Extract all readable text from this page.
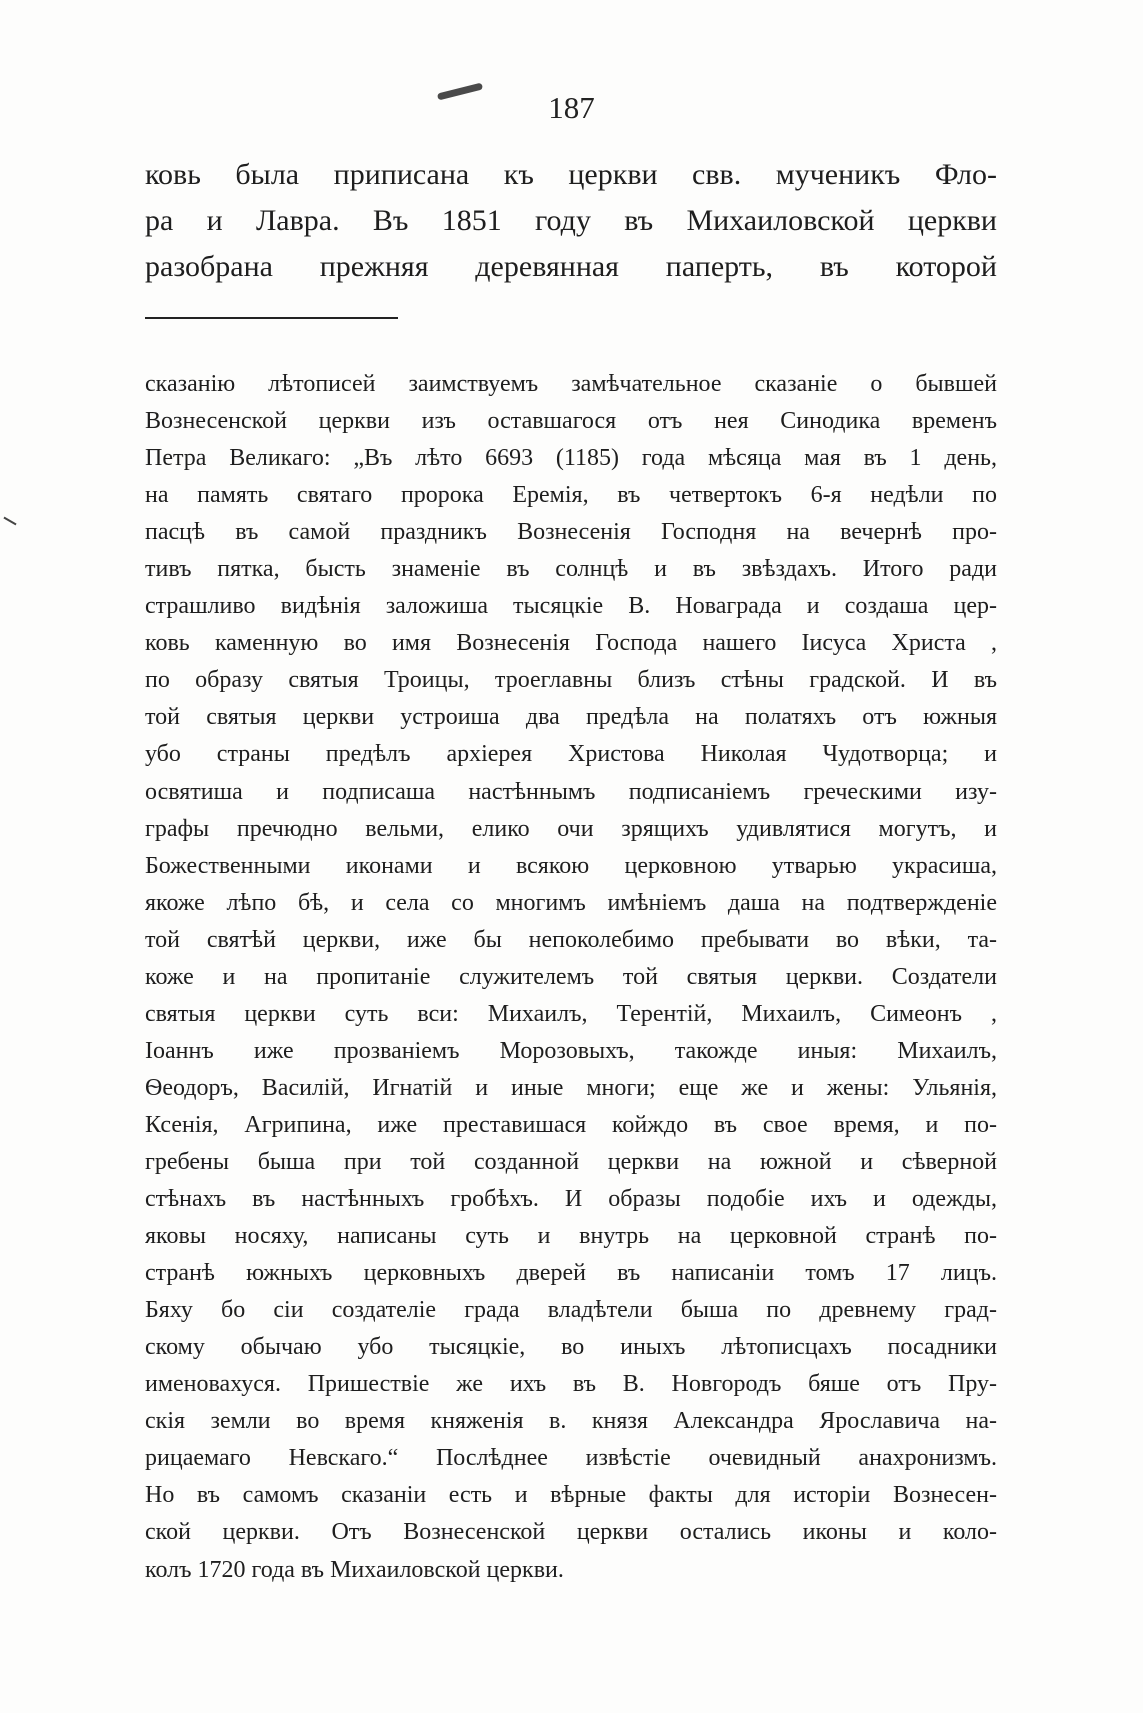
187
ковь была приписана къ церкви свв. мученикъ Фло-
ра и Лавра. Въ 1851 году въ Михаиловской церкви
разобрана прежняя деревянная паперть, въ которой
сказанію лѣтописей заимствуемъ замѣчательное сказаніе о бывшей
Вознесенской церкви изъ оставшагося отъ нея Синодика временъ
Петра Великаго: „Въ лѣто 6693 (1185) года мѣсяца мая въ 1 день,
на память святаго пророка Еремія, въ четвертокъ 6-я недѣли по
пасцѣ въ самой праздникъ Вознесенія Господня на вечернѣ про-
тивъ пятка, бысть знаменіе въ солнцѣ и въ звѣздахъ. Итого ради
страшливо видѣнія заложиша тысяцкіе В. Новаграда и создаша цер-
ковь каменную во имя Вознесенія Господа нашего Іисуса Христа ,
по образу святыя Троицы, троеглавны близъ стѣны градской. И въ
той святыя церкви устроиша два предѣла на полатяхъ отъ южныя
убо страны предѣлъ архіерея Христова Николая Чудотворца; и
освятиша и подписаша настѣннымъ подписаніемъ греческими изу-
графы пречюдно вельми, елико очи зрящихъ удивлятися могутъ, и
Божественными иконами и всякою церковною утварью украсиша,
якоже лѣпо бѣ, и села со многимъ имѣніемъ даша на подтвержденіе
той святѣй церкви, иже бы непоколебимо пребывати во вѣки, та-
коже и на пропитаніе служителемъ той святыя церкви. Создатели
святыя церкви суть вси: Михаилъ, Терентій, Михаилъ, Симеонъ ,
Іоаннъ иже прозваніемъ Морозовыхъ, такожде иныя: Михаилъ,
Ѳеодоръ, Василій, Игнатій и иные многи; еще же и жены: Ульянія,
Ксенія, Агрипина, иже преставишася койждо въ свое время, и по-
гребены быша при той созданной церкви на южной и сѣверной
стѣнахъ въ настѣнныхъ гробѣхъ. И образы подобіе ихъ и одежды,
яковы носяху, написаны суть и внутрь на церковной странѣ по-
странѣ южныхъ церковныхъ дверей въ написаніи томъ 17 лицъ.
Бяху бо сіи создателіе града владѣтели быша по древнему град-
скому обычаю убо тысяцкіе, во иныхъ лѣтописцахъ посадники
именовахуся. Пришествіе же ихъ въ В. Новгородъ бяше отъ Пру-
скія земли во время княженія в. князя Александра Ярославича на-
рицаемаго Невскаго.“ Послѣднее извѣстіе очевидный анахронизмъ.
Но въ самомъ сказаніи есть и вѣрные факты для исторіи Вознесен-
ской церкви. Отъ Вознесенской церкви остались иконы и коло-
колъ 1720 года въ Михаиловской церкви.
